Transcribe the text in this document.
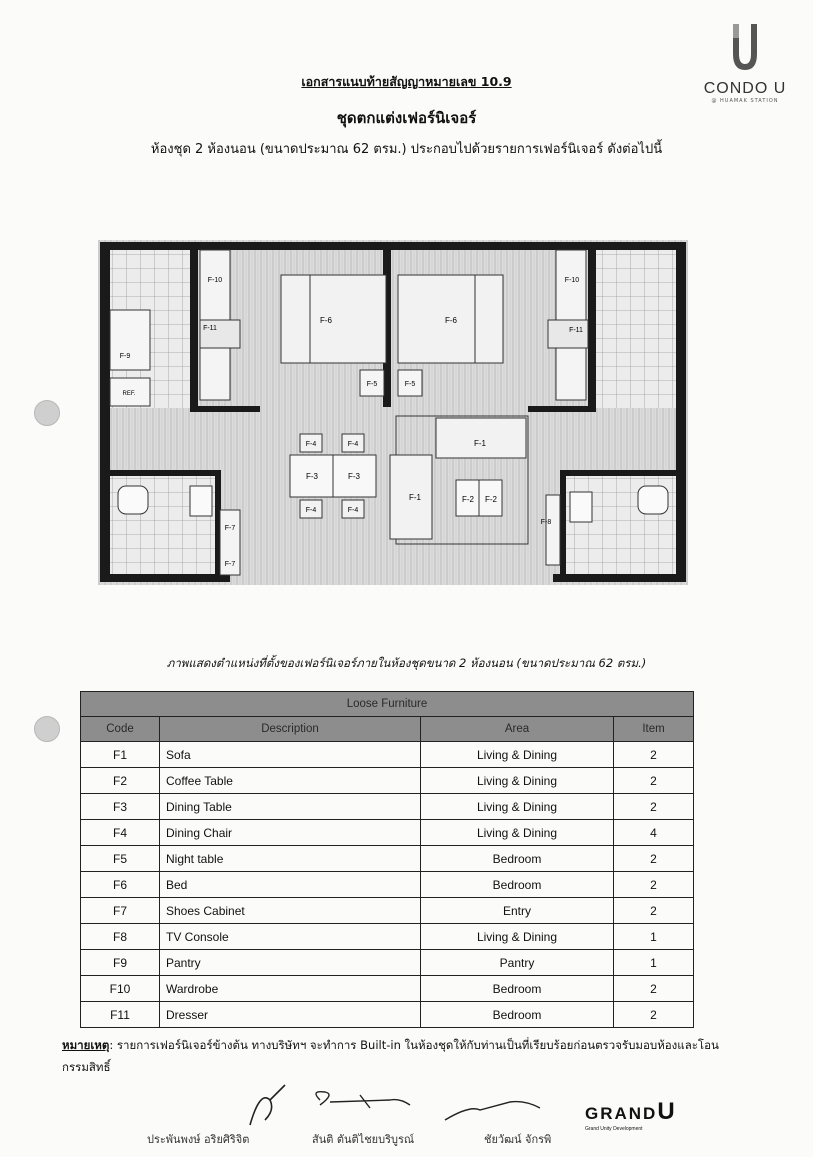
CONDO U
@ HUAMAK STATION
เอกสารแนบท้ายสัญญาหมายเลข 10.9
ชุดตกแต่งเฟอร์นิเจอร์
ห้องชุด 2 ห้องนอน (ขนาดประมาณ 62 ตรม.) ประกอบไปด้วยรายการเฟอร์นิเจอร์ ดังต่อไปนี้
F-6	F-6
F-5	F-5
F-10	F-10
F-11	F-11
F-9
REF.
F-4	F-4
F-4	F-4
F-3	F-3
F-1
F-1	F-2 F-2
F-8
F-7
F-7
ภาพแสดงตำแหน่งที่ตั้งของเฟอร์นิเจอร์ภายในห้องชุดขนาด 2 ห้องนอน (ขนาดประมาณ 62 ตรม.)
Loose Furniture			
Code	Description	Area	Item
F1	Sofa	Living & Dining	2
F2	Coffee Table	Living & Dining	2
F3	Dining Table	Living & Dining	2
F4	Dining Chair	Living & Dining	4
F5	Night table	Bedroom	2
F6	Bed	Bedroom	2
F7	Shoes Cabinet	Entry	2
F8	TV Console	Living & Dining	1
F9	Pantry	Pantry	1
F10	Wardrobe	Bedroom	2
F11	Dresser	Bedroom	2
หมายเหตุ: รายการเฟอร์นิเจอร์ข้างต้น ทางบริษัทฯ จะทำการ Built-in ในห้องชุดให้กับท่านเป็นที่เรียบร้อยก่อนตรวจรับมอบห้องและโอนกรรมสิทธิ์
ประพันพงษ์ อริยศิริจิต	สันติ ตันติไชยบริบูรณ์	ชัยวัฒน์ จักรพิ
GRANDU
Grand Unity Development
